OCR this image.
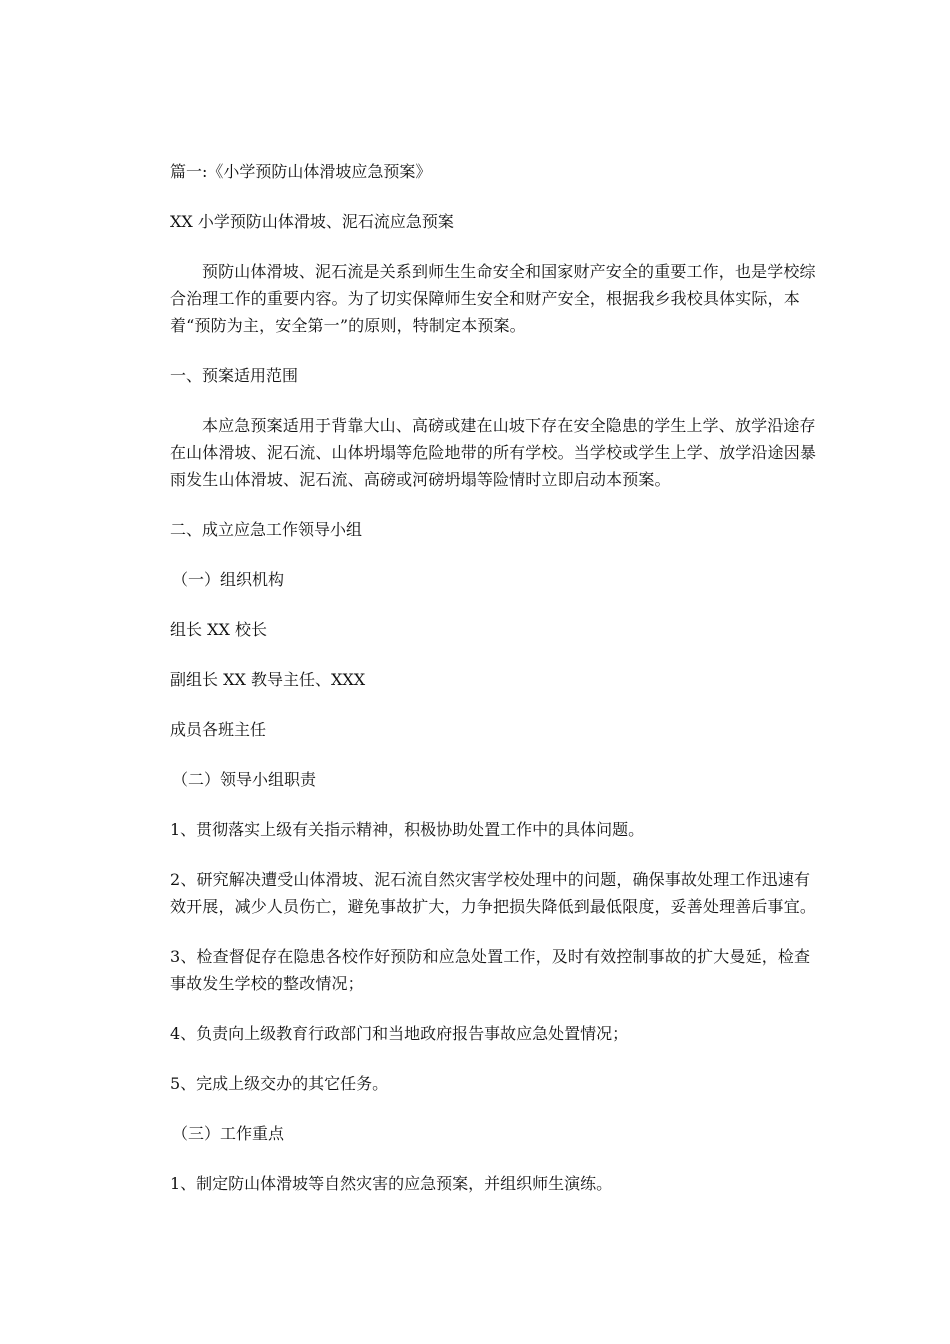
篇一:《小学预防山体滑坡应急预案》

XX 小学预防山体滑坡、泥石流应急预案

预防山体滑坡、泥石流是关系到师生生命安全和国家财产安全的重要工作，也是学校综合治理工作的重要内容。为了切实保障师生安全和财产安全，根据我乡我校具体实际，本着“预防为主，安全第一”的原则，特制定本预案。

一、预案适用范围

本应急预案适用于背靠大山、高磅或建在山坡下存在安全隐患的学生上学、放学沿途存在山体滑坡、泥石流、山体坍塌等危险地带的所有学校。当学校或学生上学、放学沿途因暴雨发生山体滑坡、泥石流、高磅或河磅坍塌等险情时立即启动本预案。

二、成立应急工作领导小组

（一）组织机构

组长 XX 校长

副组长 XX 教导主任、XXX

成员各班主任

（二）领导小组职责

1、贯彻落实上级有关指示精神，积极协助处置工作中的具体问题。

2、研究解决遭受山体滑坡、泥石流自然灾害学校处理中的问题，确保事故处理工作迅速有效开展，减少人员伤亡，避免事故扩大，力争把损失降低到最低限度，妥善处理善后事宜。

3、检查督促存在隐患各校作好预防和应急处置工作，及时有效控制事故的扩大曼延，检查事故发生学校的整改情况；

4、负责向上级教育行政部门和当地政府报告事故应急处置情况；

5、完成上级交办的其它任务。

（三）工作重点

1、制定防山体滑坡等自然灾害的应急预案，并组织师生演练。
